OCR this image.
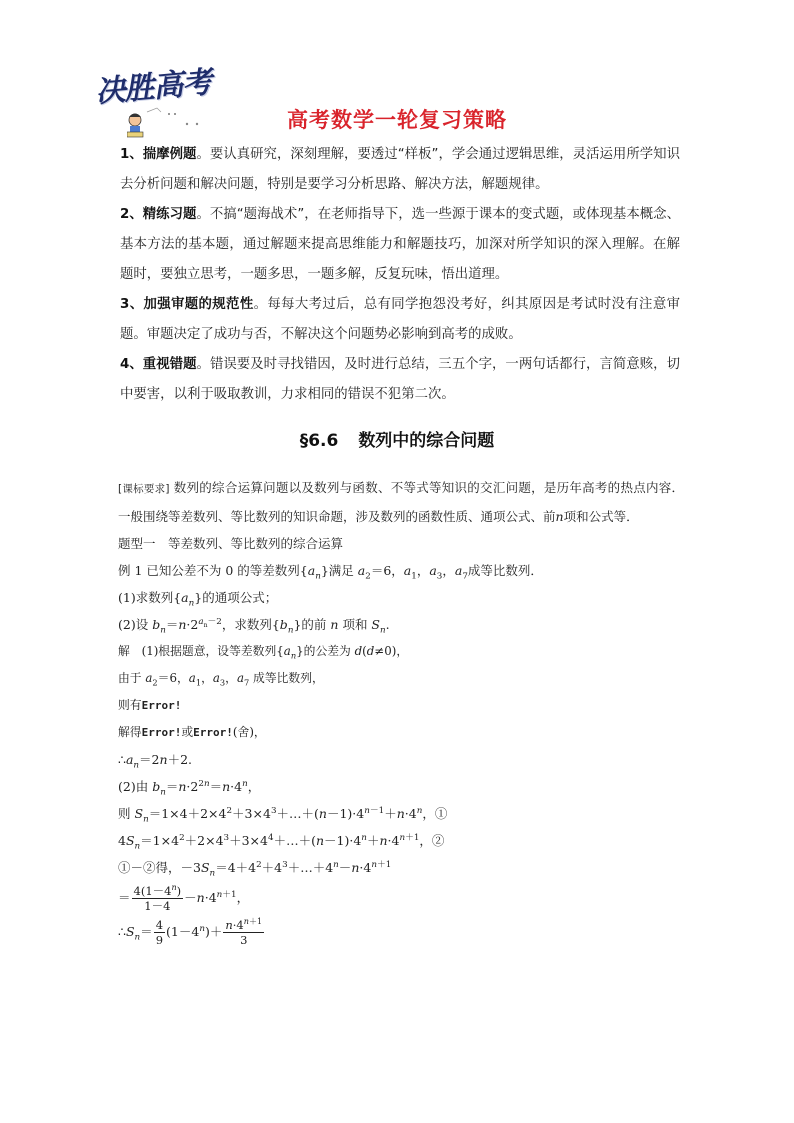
决胜高考
高考数学一轮复习策略

1、揣摩例题。要认真研究，深刻理解，要透过“样板”，学会通过逻辑思维，灵活运用所学知识去分析问题和解决问题，特别是要学习分析思路、解决方法，解题规律。

2、精练习题。不搞“题海战术”，在老师指导下，选一些源于课本的变式题，或体现基本概念、基本方法的基本题，通过解题来提高思维能力和解题技巧，加深对所学知识的深入理解。在解题时，要独立思考，一题多思，一题多解，反复玩味，悟出道理。

3、加强审题的规范性。每每大考过后，总有同学抱怨没考好，纠其原因是考试时没有注意审题。审题决定了成功与否，不解决这个问题势必影响到高考的成败。

4、重视错题。错误要及时寻找错因，及时进行总结，三五个字，一两句话都行，言简意赅，切中要害，以利于吸取教训，力求相同的错误不犯第二次。

§6.6 数列中的综合问题

[课标要求] 数列的综合运算问题以及数列与函数、不等式等知识的交汇问题，是历年高考的热点内容．一般围绕等差数列、等比数列的知识命题，涉及数列的函数性质、通项公式、前n项和公式等．

题型一　等差数列、等比数列的综合运算

例 1 已知公差不为 0 的等差数列$\{a_n\}$满足 $a_2=6$，$a_1$，$a_3$，$a_7$成等比数列．

(1)求数列$\{a_n\}$的通项公式；

(2)设 $b_n=n\cdot 2^{a_n-2}$，求数列$\{b_n\}$的前 n 项和 $S_n$.

解　(1)根据题意，设等差数列$\{a_n\}$的公差为 d(d≠0)，

由于 $a_2=6$，$a_1$，$a_3$，$a_7$ 成等比数列，

则有Error!

解得Error!或Error!(舍)，

$\therefore a_n=2n+2$.

(2)由 $b_n=n\cdot 2^{2n}=n\cdot 4^n$，

则 $S_n=1\times 4+2\times 4^2+3\times 4^3+\dots+(n-1)\cdot 4^{n-1}+n\cdot 4^n$，①

$4S_n=1\times 4^2+2\times 4^3+3\times 4^4+\dots+(n-1)\cdot 4^n+n\cdot 4^{n+1}$，②

①－②得，$-3S_n=4+4^2+4^3+\dots+4^n-n\cdot 4^{n+1}$

＝ $\frac{4(1-4^n)}{1-4} -n\cdot 4^{n+1}$，

$\therefore S_n= \frac{4}{9} (1-4^n)+ \frac{n\cdot 4^{n+1}}{3}$
